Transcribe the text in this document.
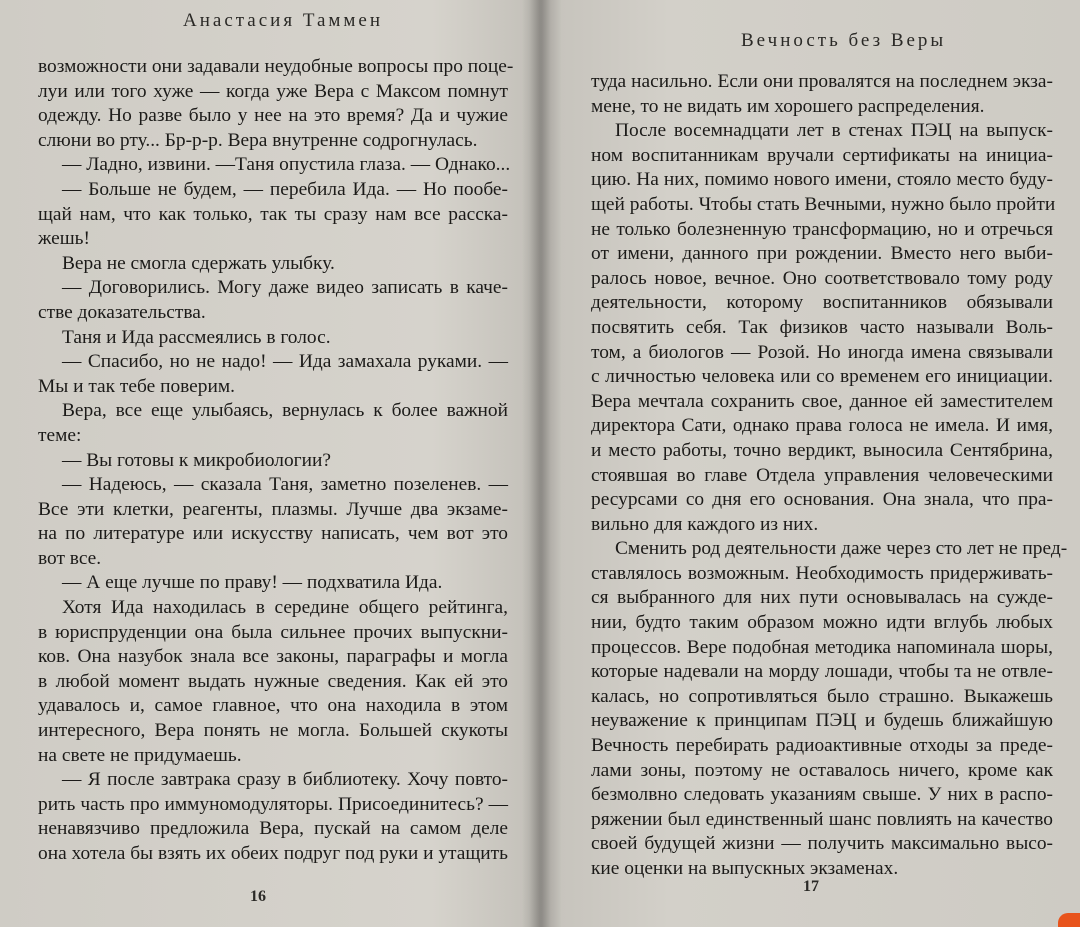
Анастасия Таммен
возможности они задавали неудобные вопросы про поце-
луи или того хуже — когда уже Вера с Максом помнут
одежду. Но разве было у нее на это время? Да и чужие
слюни во рту... Бр-р-р. Вера внутренне содрогнулась.
— Ладно, извини. —Таня опустила глаза. — Однако...
— Больше не будем, — перебила Ида. — Но пообе-
щай нам, что как только, так ты сразу нам все расска-
жешь!
Вера не смогла сдержать улыбку.
— Договорились. Могу даже видео записать в каче-
стве доказательства.
Таня и Ида рассмеялись в голос.
— Спасибо, но не надо! — Ида замахала руками. —
Мы и так тебе поверим.
Вера, все еще улыбаясь, вернулась к более важной
теме:
— Вы готовы к микробиологии?
— Надеюсь, — сказала Таня, заметно позеленев. —
Все эти клетки, реагенты, плазмы. Лучше два экзаме-
на по литературе или искусству написать, чем вот это
вот все.
— А еще лучше по праву! — подхватила Ида.
Хотя Ида находилась в середине общего рейтинга,
в юриспруденции она была сильнее прочих выпускни-
ков. Она назубок знала все законы, параграфы и могла
в любой момент выдать нужные сведения. Как ей это
удавалось и, самое главное, что она находила в этом
интересного, Вера понять не могла. Большей скукоты
на свете не придумаешь.
— Я после завтрака сразу в библиотеку. Хочу повто-
рить часть про иммуномодуляторы. Присоединитесь? —
ненавязчиво предложила Вера, пускай на самом деле
она хотела бы взять их обеих подруг под руки и утащить
16
Вечность без Веры
туда насильно. Если они провалятся на последнем экза-
мене, то не видать им хорошего распределения.
После восемнадцати лет в стенах ПЭЦ на выпуск-
ном воспитанникам вручали сертификаты на инициа-
цию. На них, помимо нового имени, стояло место буду-
щей работы. Чтобы стать Вечными, нужно было пройти
не только болезненную трансформацию, но и отречься
от имени, данного при рождении. Вместо него выби-
ралось новое, вечное. Оно соответствовало тому роду
деятельности, которому воспитанников обязывали
посвятить себя. Так физиков часто называли Воль-
том, а биологов — Розой. Но иногда имена связывали
с личностью человека или со временем его инициации.
Вера мечтала сохранить свое, данное ей заместителем
директора Сати, однако права голоса не имела. И имя,
и место работы, точно вердикт, выносила Сентябрина,
стоявшая во главе Отдела управления человеческими
ресурсами со дня его основания. Она знала, что пра-
вильно для каждого из них.
Сменить род деятельности даже через сто лет не пред-
ставлялось возможным. Необходимость придерживать-
ся выбранного для них пути основывалась на сужде-
нии, будто таким образом можно идти вглубь любых
процессов. Вере подобная методика напоминала шоры,
которые надевали на морду лошади, чтобы та не отвле-
калась, но сопротивляться было страшно. Выкажешь
неуважение к принципам ПЭЦ и будешь ближайшую
Вечность перебирать радиоактивные отходы за преде-
лами зоны, поэтому не оставалось ничего, кроме как
безмолвно следовать указаниям свыше. У них в распо-
ряжении был единственный шанс повлиять на качество
своей будущей жизни — получить максимально высо-
кие оценки на выпускных экзаменах.
17
